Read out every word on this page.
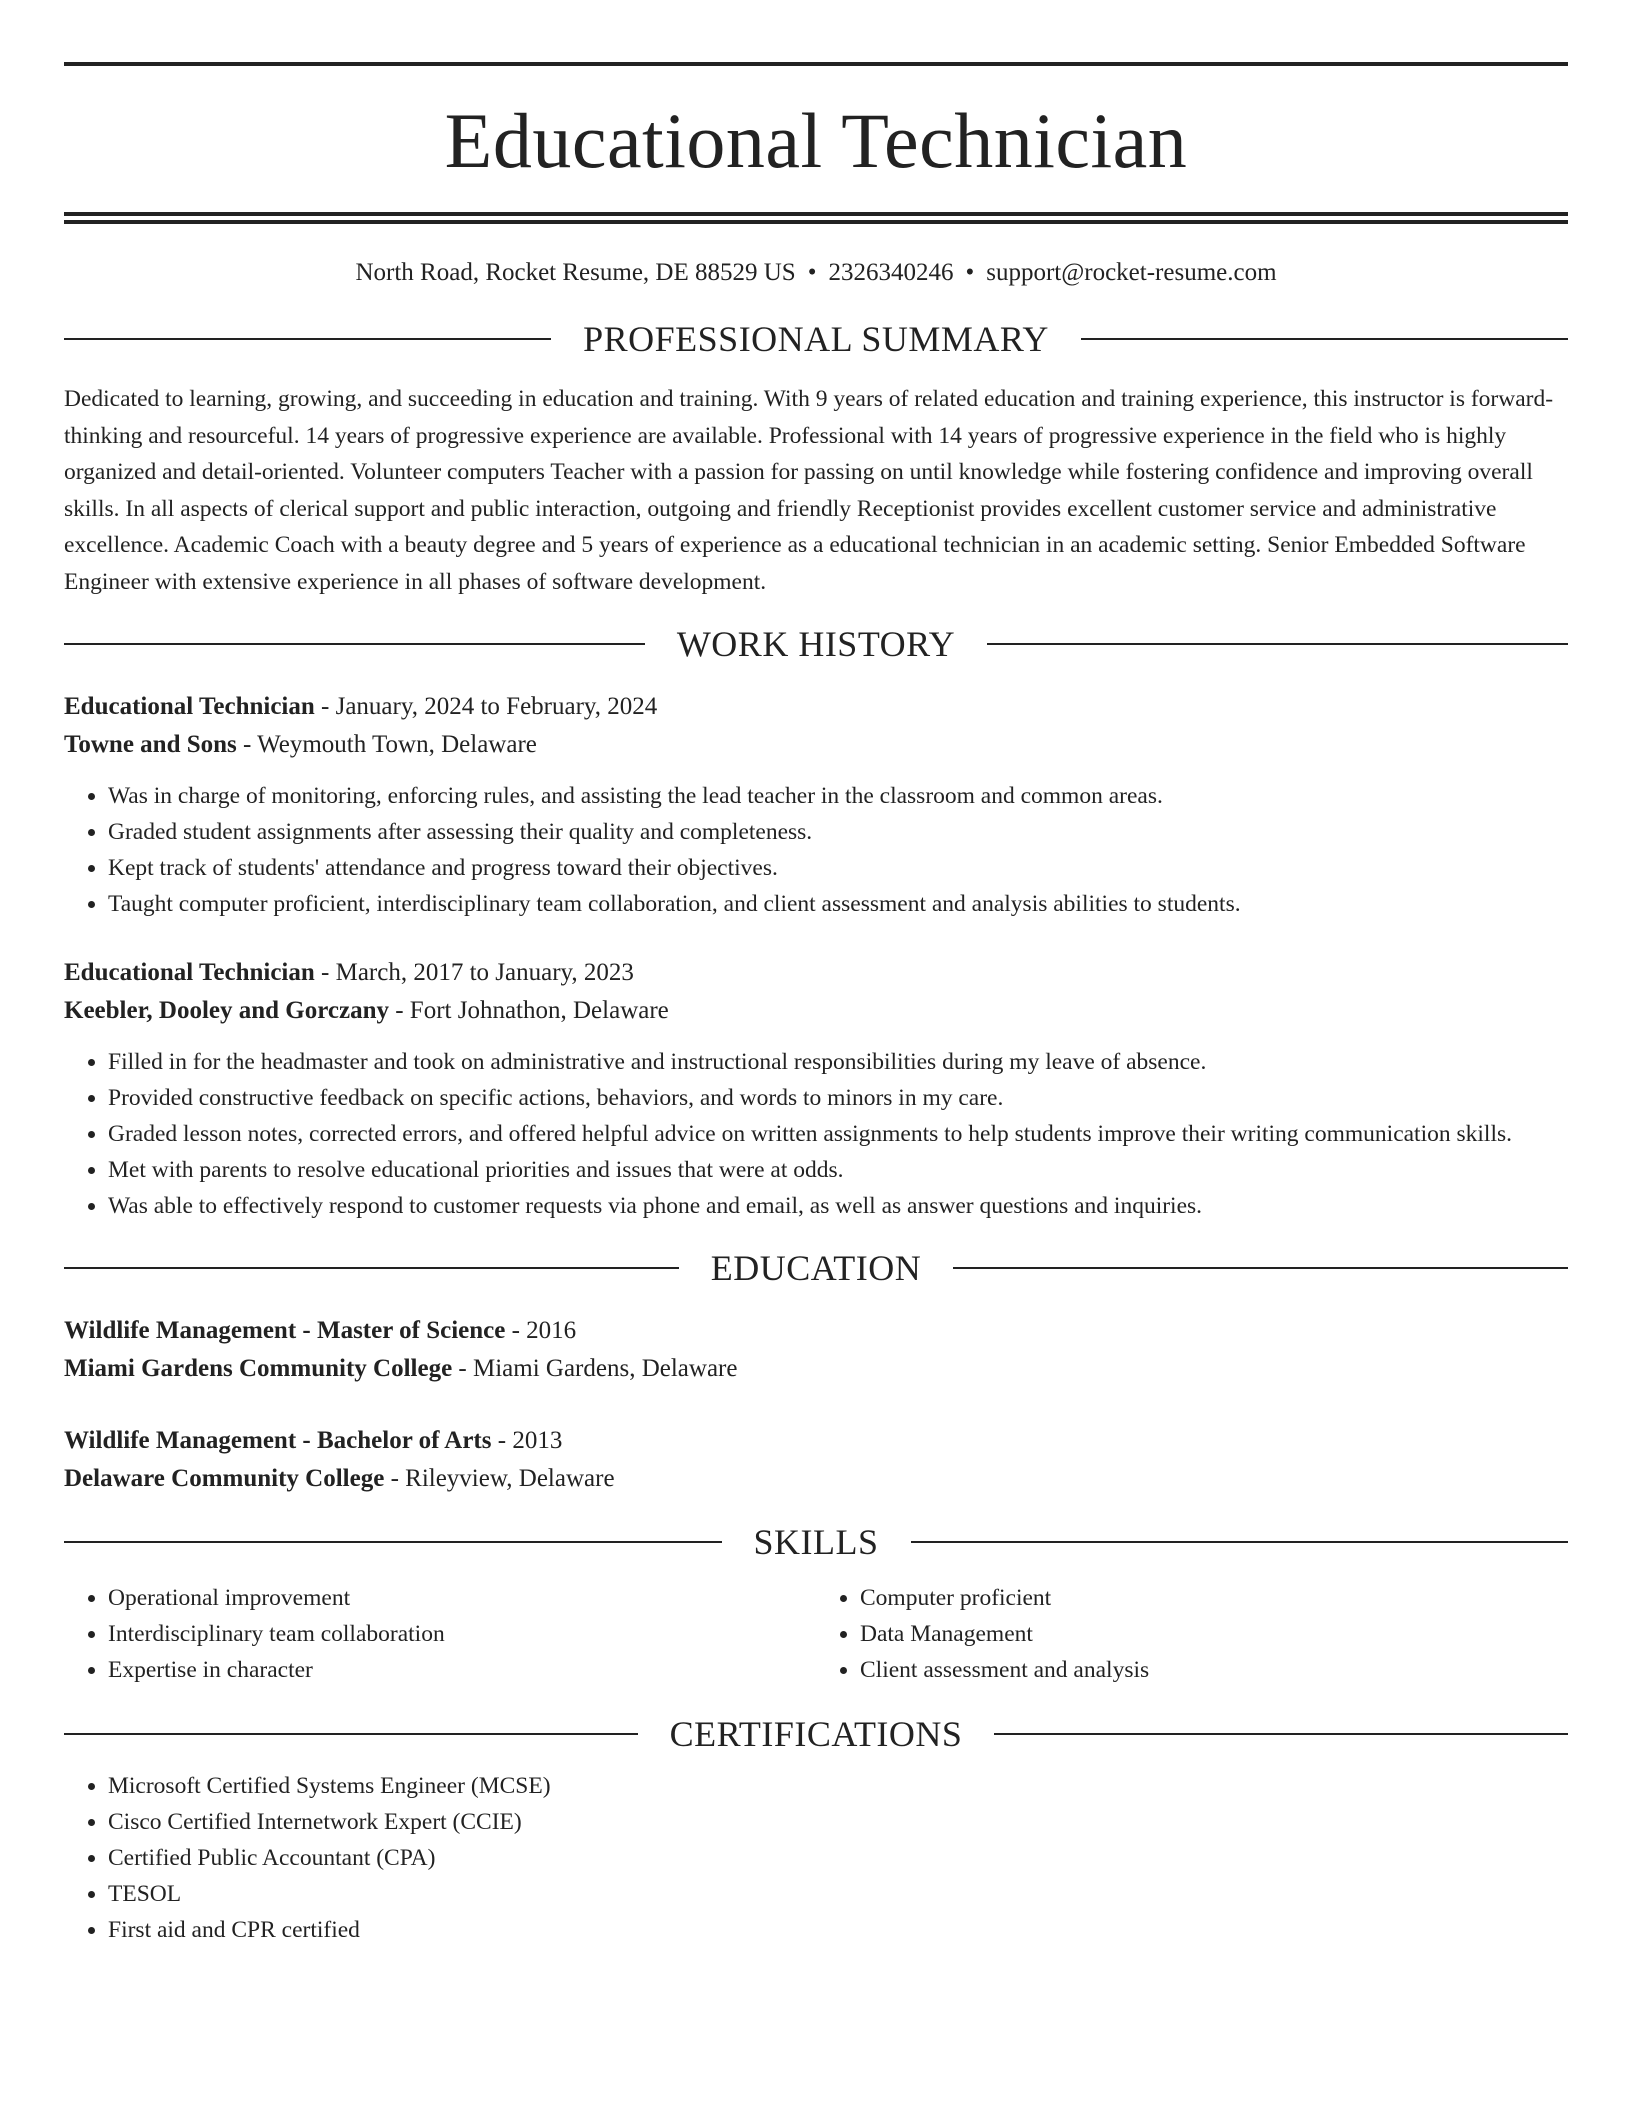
Educational Technician
North Road, Rocket Resume, DE 88529 US • 2326340246 • support@rocket-resume.com
PROFESSIONAL SUMMARY

Dedicated to learning, growing, and succeeding in education and training. With 9 years of related education and training experience, this instructor is forward-thinking and resourceful. 14 years of progressive experience are available. Professional with 14 years of progressive experience in the field who is highly organized and detail-oriented. Volunteer computers Teacher with a passion for passing on until knowledge while fostering confidence and improving overall skills. In all aspects of clerical support and public interaction, outgoing and friendly Receptionist provides excellent customer service and administrative excellence. Academic Coach with a beauty degree and 5 years of experience as a educational technician in an academic setting. Senior Embedded Software Engineer with extensive experience in all phases of software development.

WORK HISTORY
Educational Technician - January, 2024 to February, 2024
Towne and Sons - Weymouth Town, Delaware
• Was in charge of monitoring, enforcing rules, and assisting the lead teacher in the classroom and common areas.
• Graded student assignments after assessing their quality and completeness.
• Kept track of students' attendance and progress toward their objectives.
• Taught computer proficient, interdisciplinary team collaboration, and client assessment and analysis abilities to students.
Educational Technician - March, 2017 to January, 2023
Keebler, Dooley and Gorczany - Fort Johnathon, Delaware
• Filled in for the headmaster and took on administrative and instructional responsibilities during my leave of absence.
• Provided constructive feedback on specific actions, behaviors, and words to minors in my care.
• Graded lesson notes, corrected errors, and offered helpful advice on written assignments to help students improve their writing communication skills.
• Met with parents to resolve educational priorities and issues that were at odds.
• Was able to effectively respond to customer requests via phone and email, as well as answer questions and inquiries.
EDUCATION
Wildlife Management - Master of Science - 2016
Miami Gardens Community College - Miami Gardens, Delaware
Wildlife Management - Bachelor of Arts - 2013
Delaware Community College - Rileyview, Delaware
SKILLS
• Operational improvement
• Interdisciplinary team collaboration
• Expertise in character
• Computer proficient
• Data Management
• Client assessment and analysis
CERTIFICATIONS
• Microsoft Certified Systems Engineer (MCSE)
• Cisco Certified Internetwork Expert (CCIE)
• Certified Public Accountant (CPA)
• TESOL
• First aid and CPR certified
